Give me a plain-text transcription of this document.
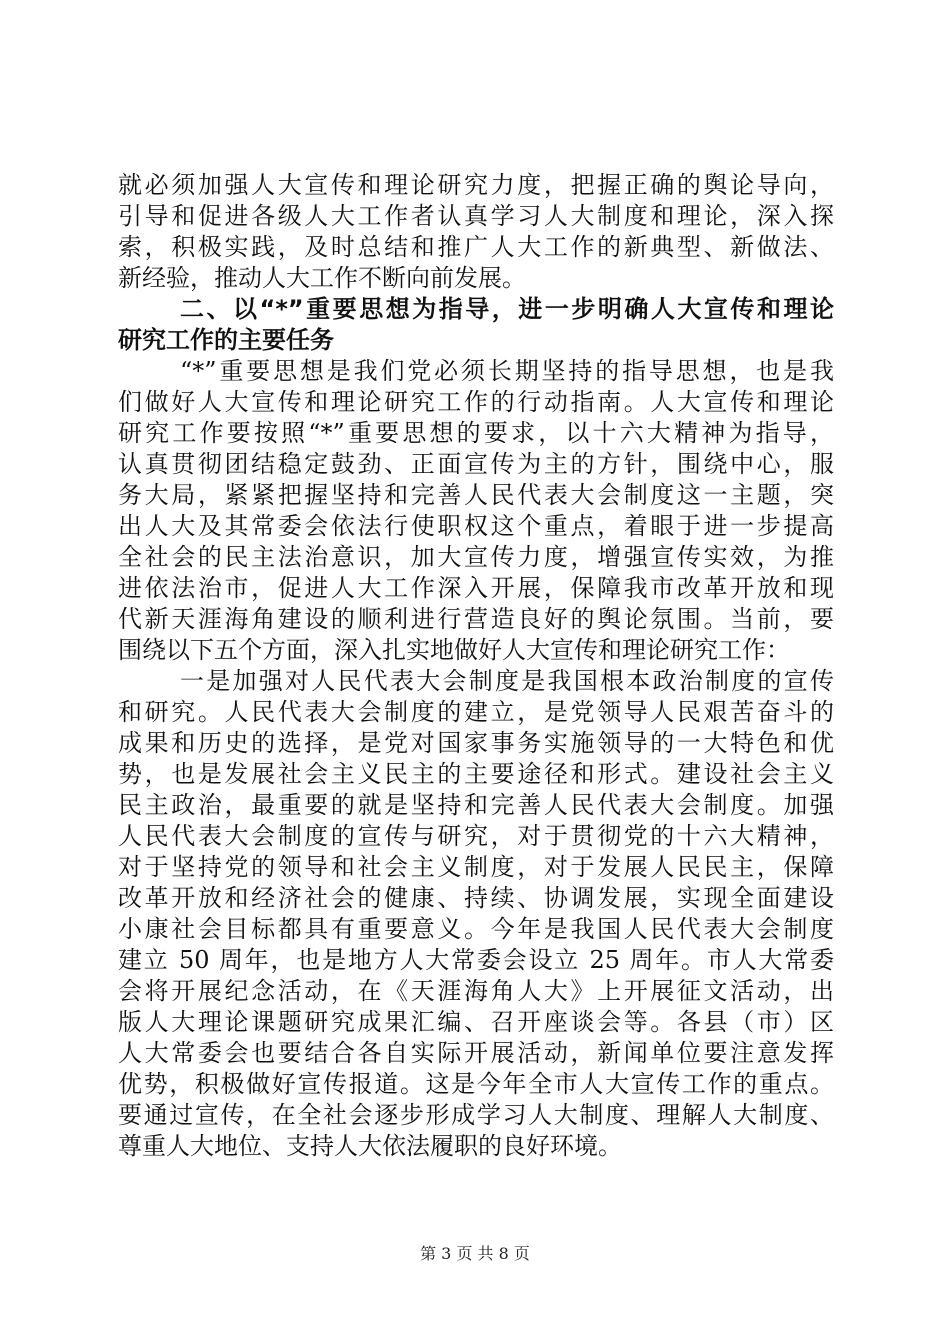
就必须加强人大宣传和理论研究力度，把握正确的舆论导向，
引导和促进各级人大工作者认真学习人大制度和理论，深入探
索，积极实践，及时总结和推广人大工作的新典型、新做法、
新经验，推动人大工作不断向前发展。
二、以“*”重要思想为指导，进一步明确人大宣传和理论
研究工作的主要任务
“*”重要思想是我们党必须长期坚持的指导思想，也是我
们做好人大宣传和理论研究工作的行动指南。人大宣传和理论
研究工作要按照“*”重要思想的要求，以十六大精神为指导，
认真贯彻团结稳定鼓劲、正面宣传为主的方针，围绕中心，服
务大局，紧紧把握坚持和完善人民代表大会制度这一主题，突
出人大及其常委会依法行使职权这个重点，着眼于进一步提高
全社会的民主法治意识，加大宣传力度，增强宣传实效，为推
进依法治市，促进人大工作深入开展，保障我市改革开放和现
代新天涯海角建设的顺利进行营造良好的舆论氛围。当前，要
围绕以下五个方面，深入扎实地做好人大宣传和理论研究工作：
一是加强对人民代表大会制度是我国根本政治制度的宣传
和研究。人民代表大会制度的建立，是党领导人民艰苦奋斗的
成果和历史的选择，是党对国家事务实施领导的一大特色和优
势，也是发展社会主义民主的主要途径和形式。建设社会主义
民主政治，最重要的就是坚持和完善人民代表大会制度。加强
人民代表大会制度的宣传与研究，对于贯彻党的十六大精神，
对于坚持党的领导和社会主义制度，对于发展人民民主，保障
改革开放和经济社会的健康、持续、协调发展，实现全面建设
小康社会目标都具有重要意义。今年是我国人民代表大会制度
建立 50 周年，也是地方人大常委会设立 25 周年。市人大常委
会将开展纪念活动，在《天涯海角人大》上开展征文活动，出
版人大理论课题研究成果汇编、召开座谈会等。各县（市）区
人大常委会也要结合各自实际开展活动，新闻单位要注意发挥
优势，积极做好宣传报道。这是今年全市人大宣传工作的重点。
要通过宣传，在全社会逐步形成学习人大制度、理解人大制度、
尊重人大地位、支持人大依法履职的良好环境。
第 3 页 共 8 页
